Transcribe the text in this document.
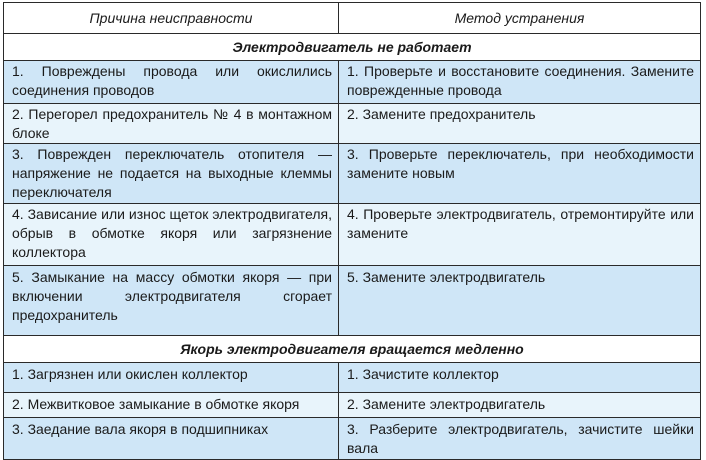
Причина неисправности	Метод устранения
Электродвигатель не работает	
1. Повреждены провода или окислились соединения проводов	1. Проверьте и восстановите соединения. Замените поврежденные провода
2. Перегорел предохранитель № 4 в монтажном блоке	2. Замените предохранитель
3. Поврежден переключатель отопителя — напряжение не подается на выходные клеммы переключателя	3. Проверьте переключатель, при необходимости замените новым
4. Зависание или износ щеток электродвигателя, обрыв в обмотке якоря или загрязнение коллектора	4. Проверьте электродвигатель, отремонтируйте или замените
5. Замыкание на массу обмотки якоря — при включении электродвигателя сгорает предохранитель	5. Замените электродвигатель
Якорь электродвигателя вращается медленно	
1. Загрязнен или окислен коллектор	1. Зачистите коллектор
2. Межвитковое замыкание в обмотке якоря	2. Замените электродвигатель
3. Заедание вала якоря в подшипниках	3. Разберите электродвигатель, зачистите шейки вала
